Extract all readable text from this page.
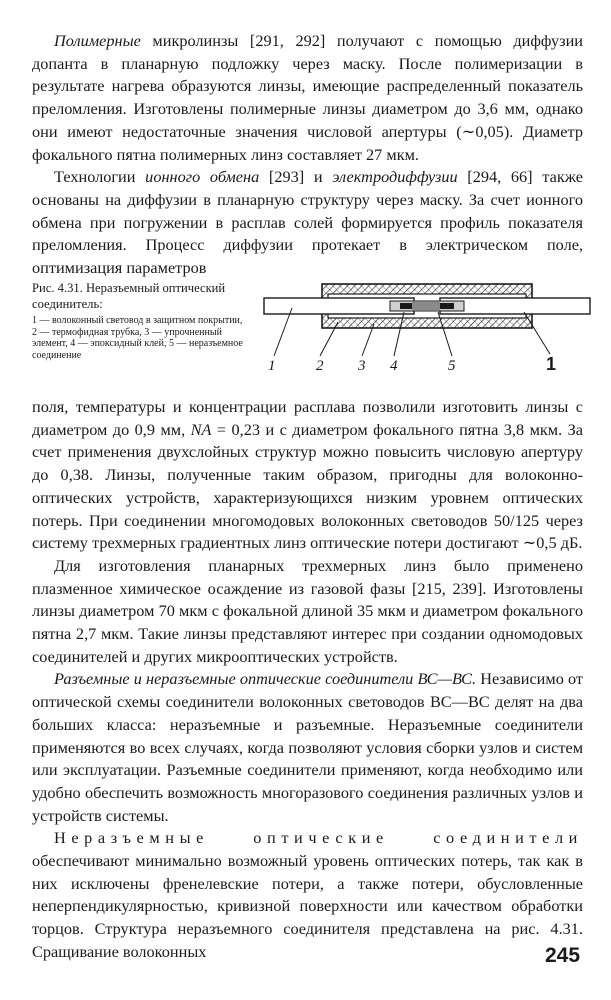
Полимерные микролинзы [291, 292] получают с помощью диффузии допанта в планарную подложку через маску. После полимеризации в результате нагрева образуются линзы, имеющие распределенный показатель преломления. Изготовлены полимерные линзы диаметром до 3,6 мм, однако они имеют недостаточные значения числовой апертуры (∼0,05). Диаметр фокального пятна полимерных линз составляет 27 мкм.

Технологии ионного обмена [293] и электродиффузии [294, 66] также основаны на диффузии в планарную структуру через маску. За счет ионного обмена при погружении в расплав солей формируется профиль показателя преломления. Процесс диффузии протекает в электрическом поле, оптимизация параметров

Рис. 4.31. Неразъемный оптический соединитель:

1 — волоконный световод в защитном покрытии, 2 — термофидная трубка, 3 — упрочненный элемент, 4 — эпоксидный клей, 5 — неразъемное соединение

1	2 3 4	5	1

поля, температуры и концентрации расплава позволили изготовить линзы с диаметром до 0,9 мм, NA = 0,23 и с диаметром фокального пятна 3,8 мкм. За счет применения двухслойных структур можно повысить числовую апертуру до 0,38. Линзы, полученные таким образом, пригодны для волоконно-оптических устройств, характеризующихся низким уровнем оптических потерь. При соединении многомодовых волоконных световодов 50/125 через систему трехмерных градиентных линз оптические потери достигают ∼0,5 дБ.

Для изготовления планарных трехмерных линз было применено плазменное химическое осаждение из газовой фазы [215, 239]. Изготовлены линзы диаметром 70 мкм с фокальной длиной 35 мкм и диаметром фокального пятна 2,7 мкм. Такие линзы представляют интерес при создании одномодовых соединителей и других микрооптических устройств.

Разъемные и неразъемные оптические соединители ВС—ВС. Независимо от оптической схемы соединители волоконных световодов ВС—ВС делят на два больших класса: неразъемные и разъемные. Неразъемные соединители применяются во всех случаях, когда позволяют условия сборки узлов и систем или эксплуатации. Разъемные соединители применяют, когда необходимо или удобно обеспечить возможность многоразового соединения различных узлов и устройств системы.

Неразъемные оптические соединители обеспечивают минимально возможный уровень оптических потерь, так как в них исключены френелевские потери, а также потери, обусловленные неперпендикулярностью, кривизной поверхности или качеством обработки торцов. Структура неразъемного соединителя представлена на рис. 4.31. Сращивание волоконных	245
